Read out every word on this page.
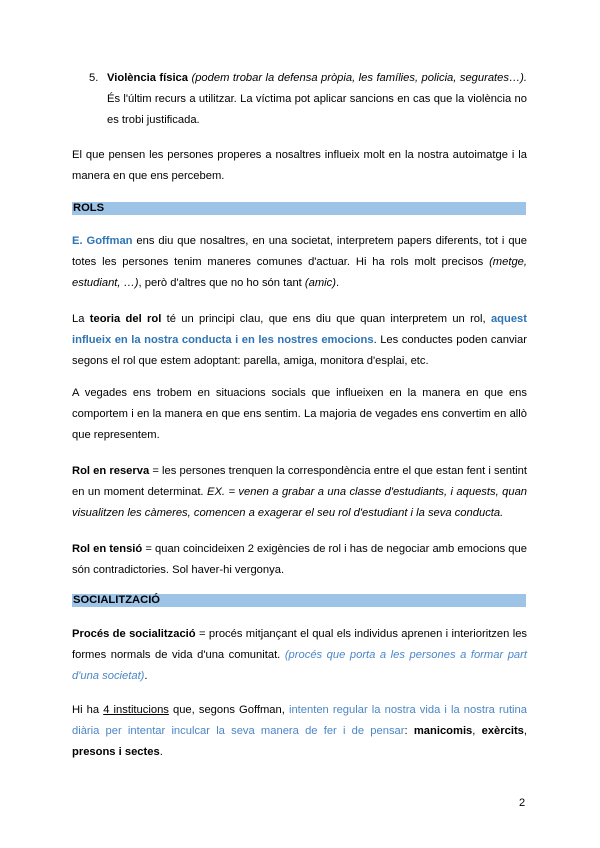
5. Violència física (podem trobar la defensa pròpia, les famílies, policia, segurates…). És l'últim recurs a utilitzar. La víctima pot aplicar sancions en cas que la violència no es trobi justificada.

El que pensen les persones properes a nosaltres influeix molt en la nostra autoimatge i la manera en que ens percebem.

ROLS

E. Goffman ens diu que nosaltres, en una societat, interpretem papers diferents, tot i que totes les persones tenim maneres comunes d'actuar. Hi ha rols molt precisos (metge, estudiant, …), però d'altres que no ho són tant (amic).

La teoria del rol té un principi clau, que ens diu que quan interpretem un rol, aquest influeix en la nostra conducta i en les nostres emocions. Les conductes poden canviar segons el rol que estem adoptant: parella, amiga, monitora d'esplai, etc.

A vegades ens trobem en situacions socials que influeixen en la manera en que ens comportem i en la manera en que ens sentim. La majoria de vegades ens convertim en allò que representem.

Rol en reserva = les persones trenquen la correspondència entre el que estan fent i sentint en un moment determinat. EX. = venen a grabar a una classe d'estudiants, i aquests, quan visualitzen les càmeres, comencen a exagerar el seu rol d'estudiant i la seva conducta.

Rol en tensió = quan coincideixen 2 exigències de rol i has de negociar amb emocions que són contradictories. Sol haver-hi vergonya.

SOCIALITZACIÓ

Procés de socialització = procés mitjançant el qual els individus aprenen i interioritzen les formes normals de vida d'una comunitat. (procés que porta a les persones a formar part d'una societat).

Hi ha 4 institucions que, segons Goffman, intenten regular la nostra vida i la nostra rutina diària per intentar inculcar la seva manera de fer i de pensar: manicomis, exèrcits, presons i sectes.

2
